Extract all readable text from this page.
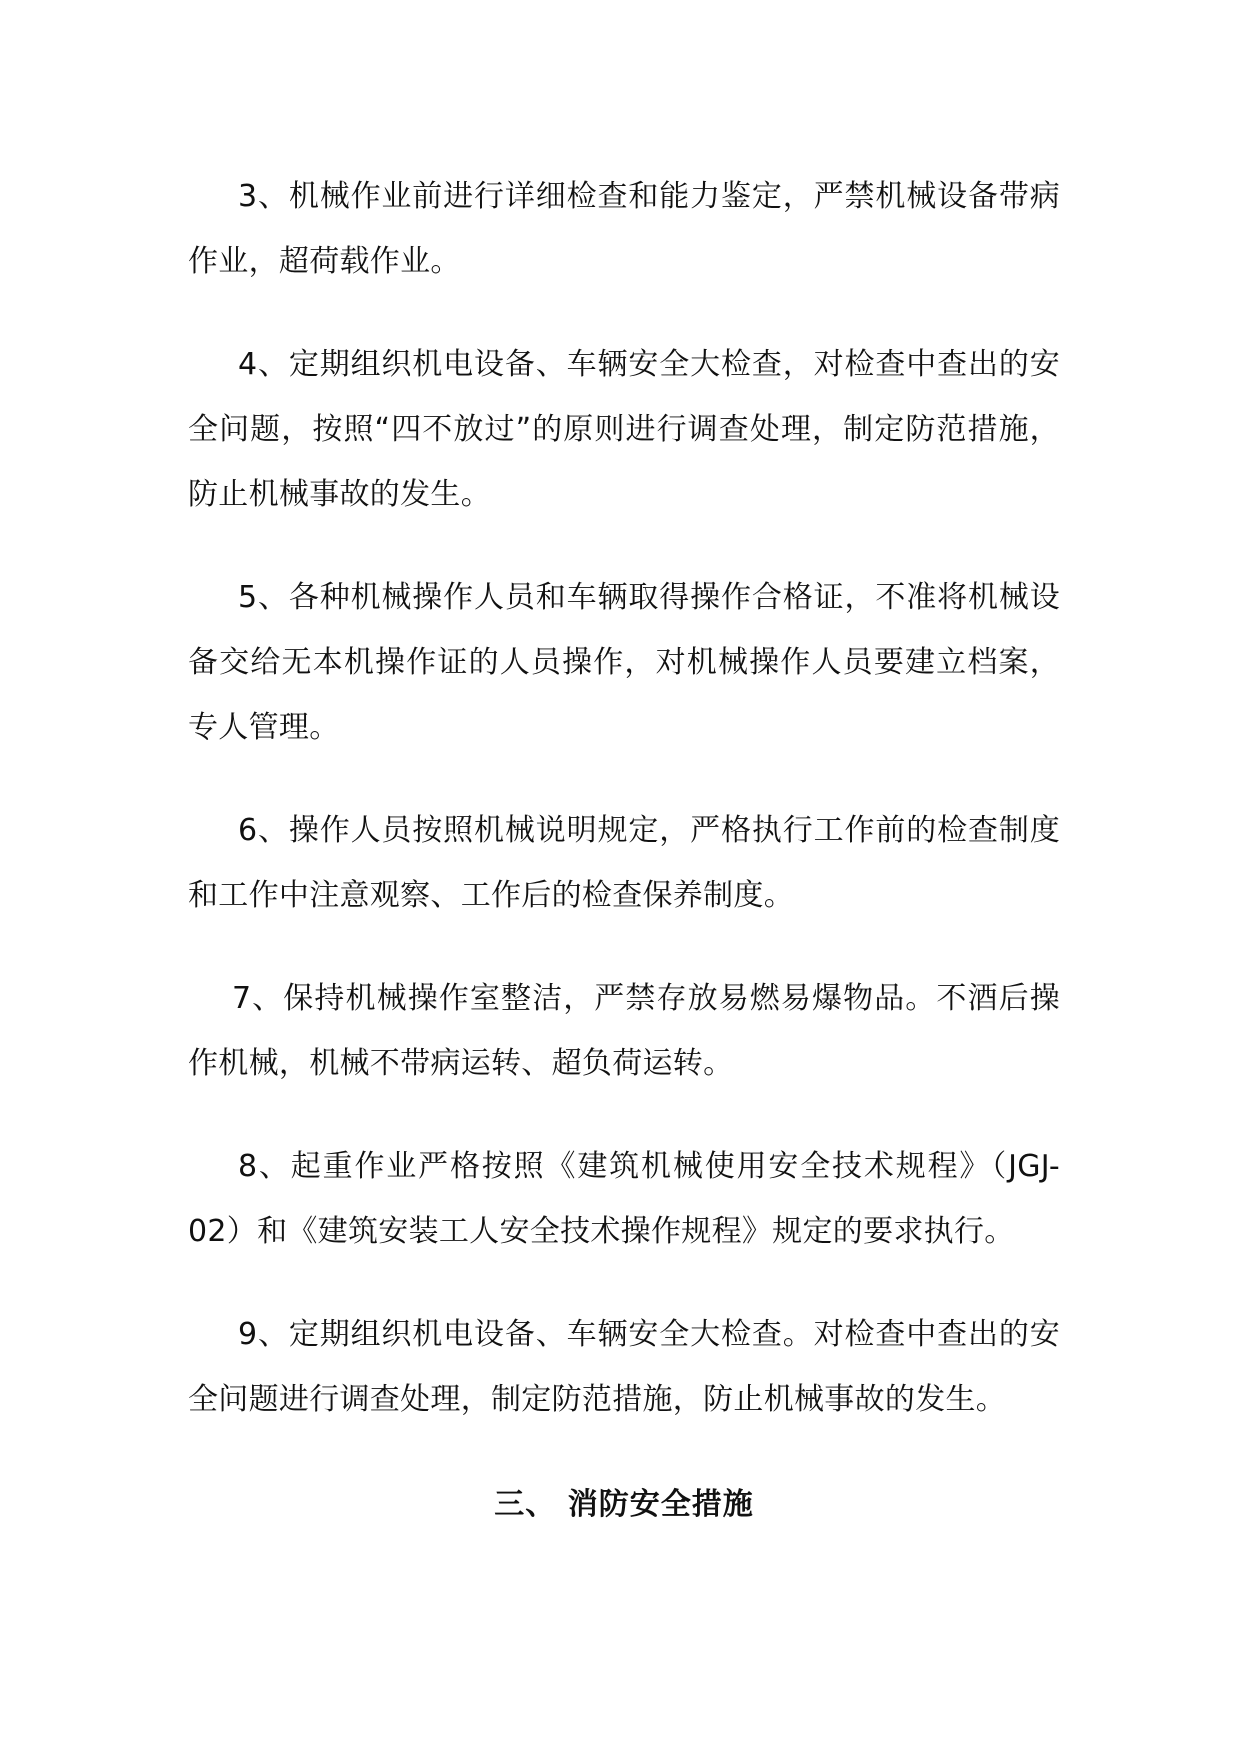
3、机械作业前进行详细检查和能力鉴定，严禁机械设备带病作业，超荷载作业。

4、定期组织机电设备、车辆安全大检查，对检查中查出的安全问题，按照“四不放过”的原则进行调查处理，制定防范措施，防止机械事故的发生。

5、各种机械操作人员和车辆取得操作合格证，不准将机械设备交给无本机操作证的人员操作，对机械操作人员要建立档案，专人管理。

6、操作人员按照机械说明规定，严格执行工作前的检查制度和工作中注意观察、工作后的检查保养制度。

7、保持机械操作室整洁，严禁存放易燃易爆物品。不酒后操作机械，机械不带病运转、超负荷运转。

8、起重作业严格按照《建筑机械使用安全技术规程》（JGJ-02）和《建筑安装工人安全技术操作规程》规定的要求执行。

9、定期组织机电设备、车辆安全大检查。对检查中查出的安全问题进行调查处理，制定防范措施，防止机械事故的发生。

三、 消防安全措施
